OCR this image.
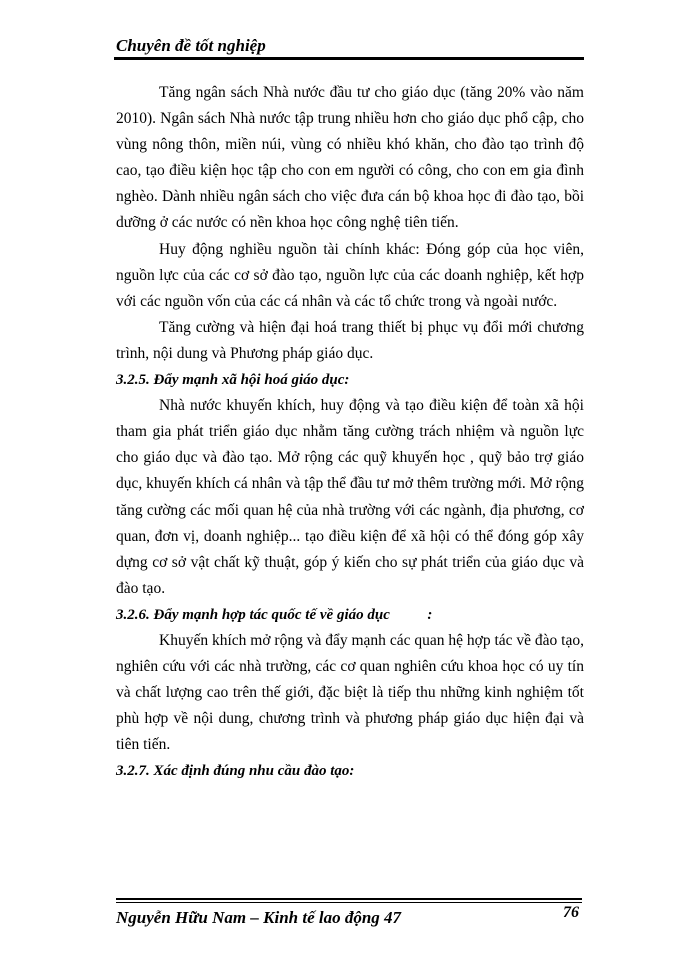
Chuyên đề tốt nghiệp

Tăng ngân sách Nhà nước đầu tư cho giáo dục (tăng 20% vào năm 2010). Ngân sách Nhà nước tập trung nhiều hơn cho giáo dục phổ cập, cho vùng nông thôn, miền núi, vùng có nhiều khó khăn, cho đào tạo trình độ cao, tạo điều kiện học tập cho con em người có công, cho con em gia đình nghèo. Dành nhiều ngân sách cho việc đưa cán bộ khoa học đi đào tạo, bồi dưỡng ở các nước có nền khoa học công nghệ tiên tiến.

Huy động nghiều nguồn tài chính khác: Đóng góp của học viên, nguồn lực của các cơ sở đào tạo, nguồn lực của các doanh nghiệp, kết hợp với các nguồn vốn của các cá nhân và các tổ chức trong và ngoài nước.

Tăng cường và hiện đại hoá trang thiết bị phục vụ đổi mới chương trình, nội dung và Phương pháp giáo dục.

3.2.5. Đẩy mạnh xã hội hoá giáo dục:

Nhà nước khuyến khích, huy động và tạo điều kiện để toàn xã hội tham gia phát triển giáo dục nhằm tăng cường trách nhiệm và nguồn lực cho giáo dục và đào tạo. Mở rộng các quỹ khuyến học , quỹ bảo trợ giáo dục, khuyến khích cá nhân và tập thể đầu tư mở thêm trường mới. Mở rộng tăng cường các mối quan hệ của nhà trường với các ngành, địa phương, cơ quan, đơn vị, doanh nghiệp... tạo điều kiện để xã hội có thể đóng góp xây dựng cơ sở vật chất kỹ thuật, góp ý kiến cho sự phát triển của giáo dục và đào tạo.

3.2.6. Đẩy mạnh hợp tác quốc tế về giáo dục          :

Khuyến khích mở rộng và đẩy mạnh các quan hệ hợp tác về đào tạo, nghiên cứu với các nhà trường, các cơ quan nghiên cứu khoa học có uy tín và chất lượng cao trên thế giới, đặc biệt là tiếp thu những kinh nghiệm tốt phù hợp về nội dung, chương trình và phương pháp giáo dục hiện đại và tiên tiến.

3.2.7. Xác định đúng nhu cầu đào tạo:
Nguyễn Hữu Nam – Kinh tế lao động 47	76
